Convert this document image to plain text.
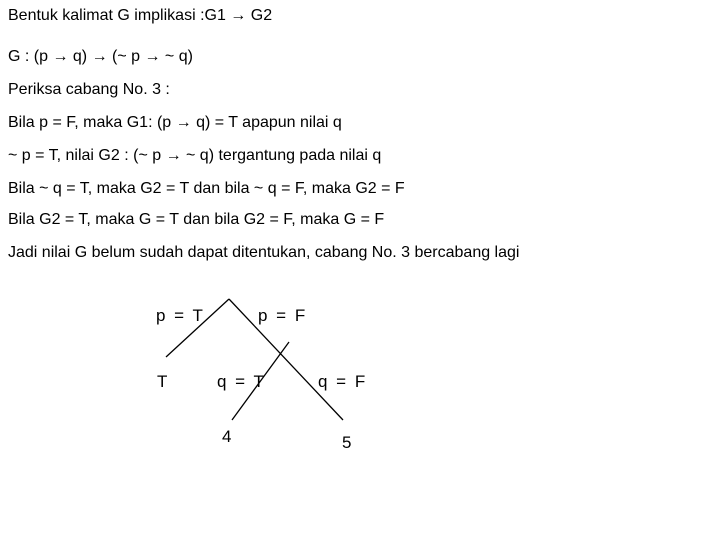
Bentuk kalimat G implikasi :G1 → G2
G : (p → q) → (~ p → ~ q)
Periksa cabang No. 3 :
Bila p = F, maka G1: (p → q) = T apapun nilai q
~ p = T, nilai G2 : (~ p → ~ q) tergantung pada nilai q
Bila ~ q = T, maka G2 = T dan bila ~ q = F, maka G2 = F
Bila G2 = T, maka G = T dan bila G2 = F, maka G = F
Jadi nilai G belum sudah dapat ditentukan, cabang No. 3 bercabang lagi
p = T	p = F
T	q = T	q = F
4	5
